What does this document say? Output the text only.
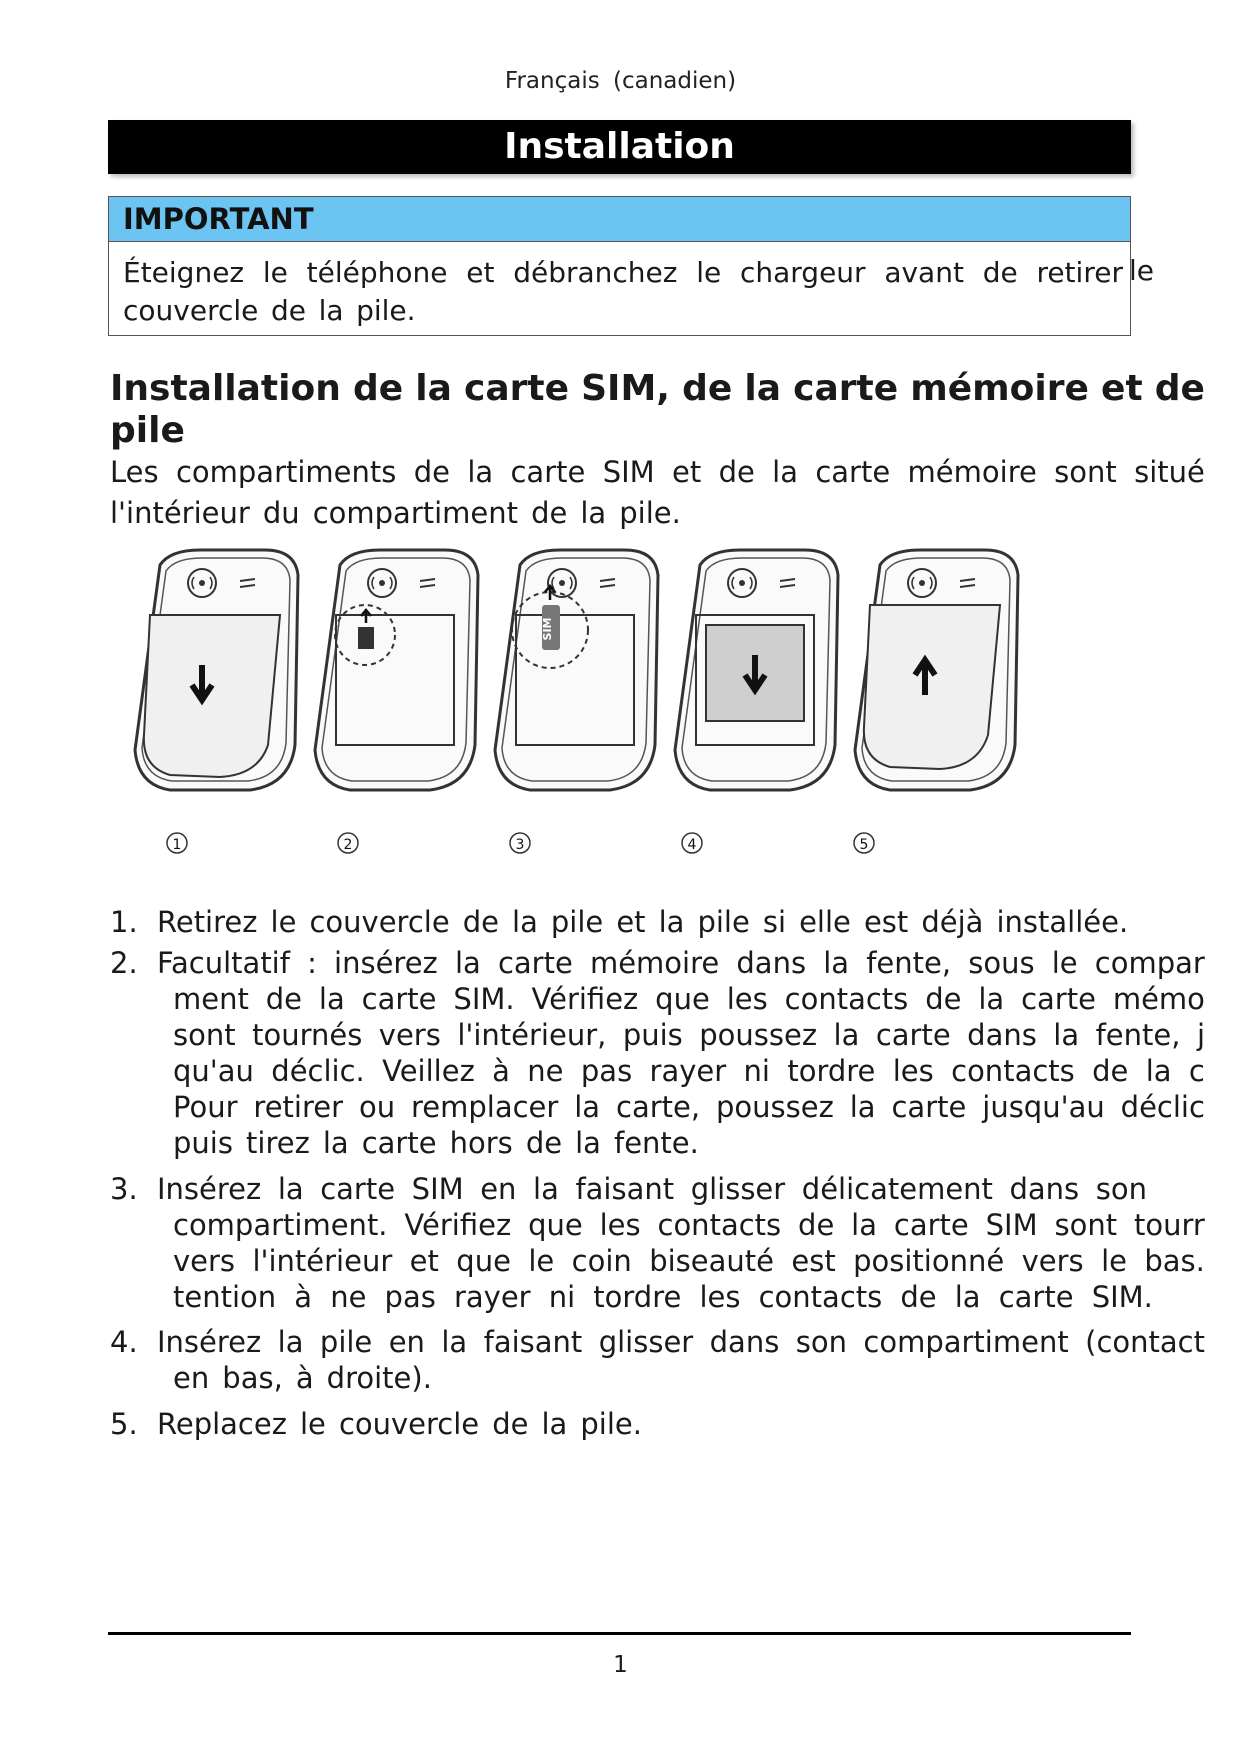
Français (canadien)
Installation
IMPORTANT
Éteignez le téléphone et débranchez le chargeur avant de retirer
couvercle de la pile.
le
Installation de la carte SIM, de la carte mémoire et de
pile
Les compartiments de la carte SIM et de la carte mémoire sont situé
l'intérieur du compartiment de la pile.
SIM
1	2	3	4	5
1. Retirez le couvercle de la pile et la pile si elle est déjà installée.
2. Facultatif : insérez la carte mémoire dans la fente, sous le compar
ment de la carte SIM. Vérifiez que les contacts de la carte mémo
sont tournés vers l'intérieur, puis poussez la carte dans la fente, j
qu'au déclic. Veillez à ne pas rayer ni tordre les contacts de la c
Pour retirer ou remplacer la carte, poussez la carte jusqu'au déclic
puis tirez la carte hors de la fente.
3. Insérez la carte SIM en la faisant glisser délicatement dans son
compartiment. Vérifiez que les contacts de la carte SIM sont tourr
vers l'intérieur et que le coin biseauté est positionné vers le bas.
tention à ne pas rayer ni tordre les contacts de la carte SIM.
4. Insérez la pile en la faisant glisser dans son compartiment (contact
en bas, à droite).
5. Replacez le couvercle de la pile.
1
